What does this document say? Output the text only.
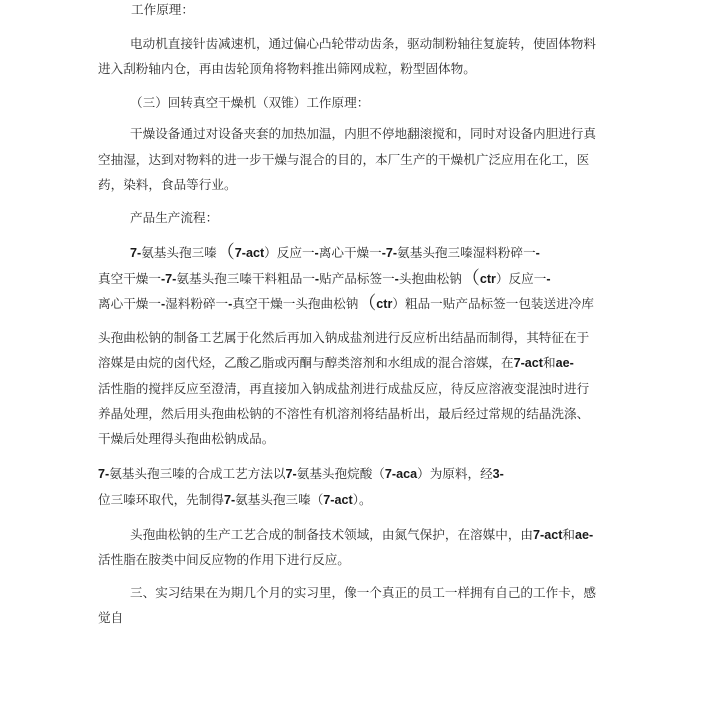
工作原理：
电动机直接针齿减速机，通过偏心凸轮带动齿条，驱动制粉轴往复旋转，使固体物料
进入刮粉轴内仓，再由齿轮顶角将物料推出筛网成粒，粉型固体物。
（三）回转真空干燥机（双锥）工作原理：
干燥设备通过对设备夹套的加热加温，内胆不停地翻滚搅和，同时对设备内胆进行真
空抽湿，达到对物料的进一步干燥与混合的目的，本厂生产的干燥机广泛应用在化工，医
药，染料，食品等行业。
产品生产流程：
7-氨基头孢三嗪（7-act）反应一-离心干燥一-7-氨基头孢三嗪湿料粉碎一-
真空干燥一-7-氨基头孢三嗪干料粗品一-贴产品标签一-头抱曲松钠（ctr）反应一-
离心干燥一-湿料粉碎一-真空干燥一头孢曲松钠（ctr）粗品一贴产品标签一包装送进冷库
头孢曲松钠的制备工艺属于化然后再加入钠成盐剂进行反应析出结晶而制得，其特征在于
溶媒是由烷的卤代烃，乙酸乙脂或丙酮与醇类溶剂和水组成的混合溶媒，在7-act和ae-
活性脂的搅拌反应至澄清，再直接加入钠成盐剂进行成盐反应，待反应溶液变混浊时进行
养晶处理，然后用头孢曲松钠的不溶性有机溶剂将结晶析出，最后经过常规的结晶洗涤、
干燥后处理得头孢曲松钠成品。
7-氨基头孢三嗪的合成工艺方法以7-氨基头孢烷酸（7-aca）为原料，经3-
位三嗪环取代，先制得7-氨基头孢三嗪（7-act）。
头孢曲松钠的生产工艺合成的制备技术领域，由氮气保护，在溶媒中，由7-act和ae-
活性脂在胺类中间反应物的作用下进行反应。
三、实习结果在为期几个月的实习里，像一个真正的员工一样拥有自己的工作卡，感
觉自
